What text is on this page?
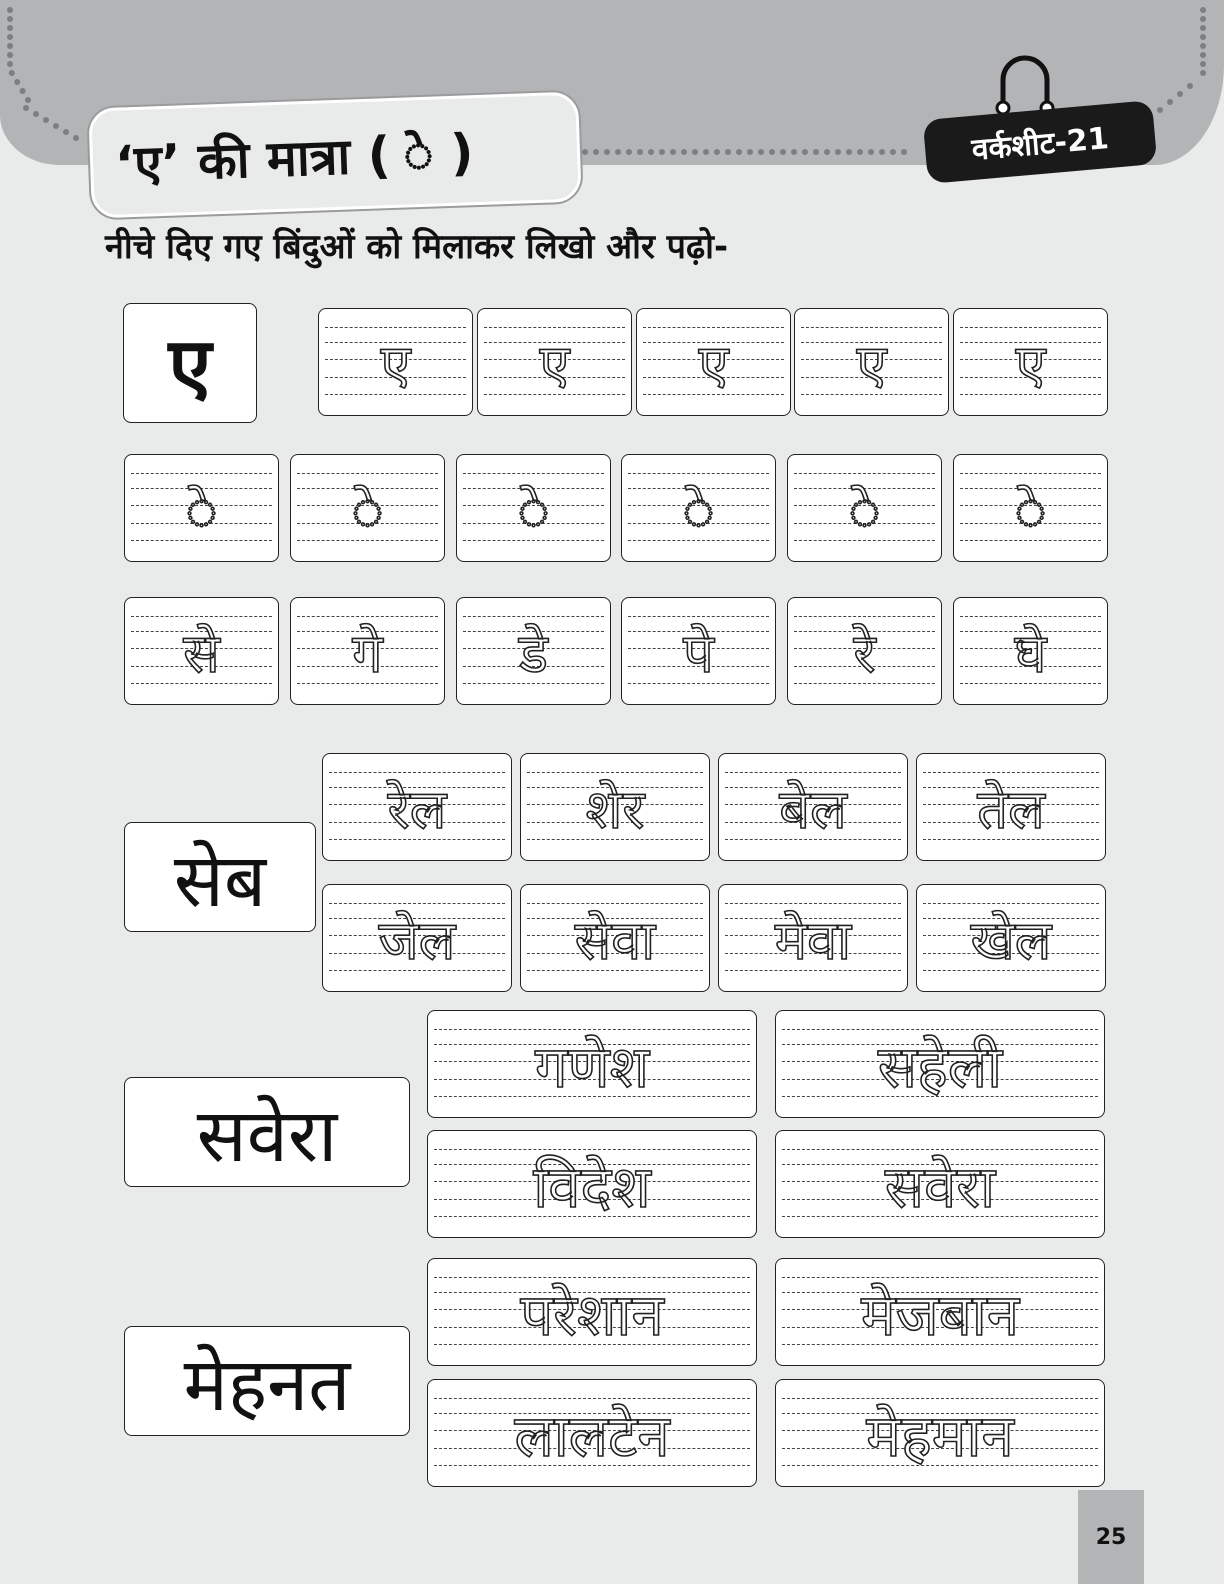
‘ए’ की मात्रा ( े )	वर्कशीट-21
नीचे दिए गए बिंदुओं को मिलाकर लिखो और पढ़ो-
ए	ए ए ए ए ए
े े े े े े
से गे	डे	पे	रे	घे
सेब
रेल	शेर बेल तेल
जेल सेवा मेवा खेल
सवेरा
गणेश	सहेली
विदेश	सवेरा
मेहनत
परेशान	मेजबान
लालटेन	मेहमान
25
